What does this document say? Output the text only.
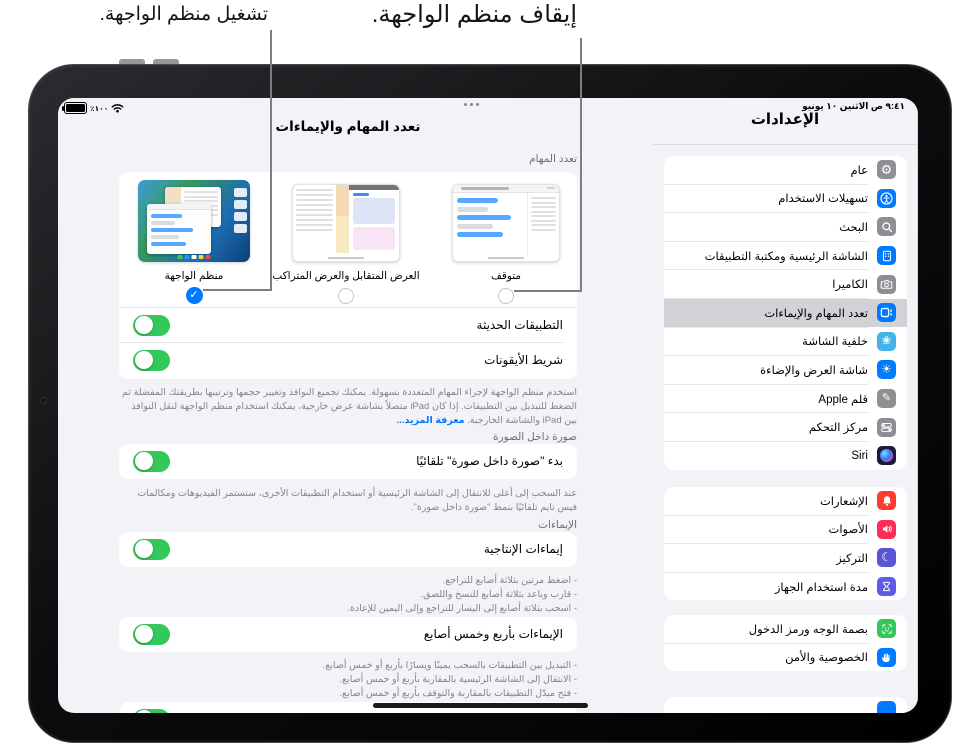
تشغيل منظم الواجهة.	إيقاف منظم الواجهة.
٪١٠٠	٩:٤١ ص الاثنين ١٠ يونيو
تعدد المهام والإيماءات
تعدد المهام
متوقف
العرض المتقابل والعرض المتراكب
منظم الواجهة
✓
التطبيقات الحديثة
شريط الأيقونات
استخدم منظم الواجهة لإجراء المهام المتعددة بسهولة. يمكنك تجميع النوافذ وتغيير حجمها وترتيبها بطريقتك المفضلة ثم الضغط للتبديل بين التطبيقات. إذا كان iPad متصلاً بشاشة عرض خارجية، يمكنك استخدام منظم الواجهة لنقل النوافذ بين iPad والشاشة الخارجية. معرفة المزيد...
صورة داخل الصورة
بدء "صورة داخل صورة" تلقائيًا
عند السحب إلى أعلى للانتقال إلى الشاشة الرئيسية أو استخدام التطبيقات الأخرى، ستستمر الفيديوهات ومكالمات فيس تايم تلقائيًا بنمط "صورة داخل صورة".
الإيماءات
إيماءات الإنتاجية
- اضغط مرتين بثلاثة أصابع للتراجع.
- قارب وباعد بثلاثة أصابع للنسخ واللصق.
- اسحب بثلاثة أصابع إلى اليسار للتراجع وإلى اليمين للإعادة.
الإيماءات بأربع وخمس أصابع
- التبديل بين التطبيقات بالسحب يمينًا ويسارًا بأربع أو خمس أصابع.
- الانتقال إلى الشاشة الرئيسية بالمقاربة بأربع أو خمس أصابع.
- فتح مبدّل التطبيقات بالمقاربة والتوقف بأربع أو خمس أصابع.
الإعدادات
⚙
عام
تسهيلات الاستخدام
البحث
الشاشة الرئيسية ومكتبة التطبيقات
الكاميرا
تعدد المهام والإيماءات
❀
خلفية الشاشة
☀
شاشة العرض والإضاءة
✎
قلم Apple
مركز التحكم
Siri
الإشعارات
الأصوات
☾
التركيز
مدة استخدام الجهاز
بصمة الوجه ورمز الدخول
الخصوصية والأمن
